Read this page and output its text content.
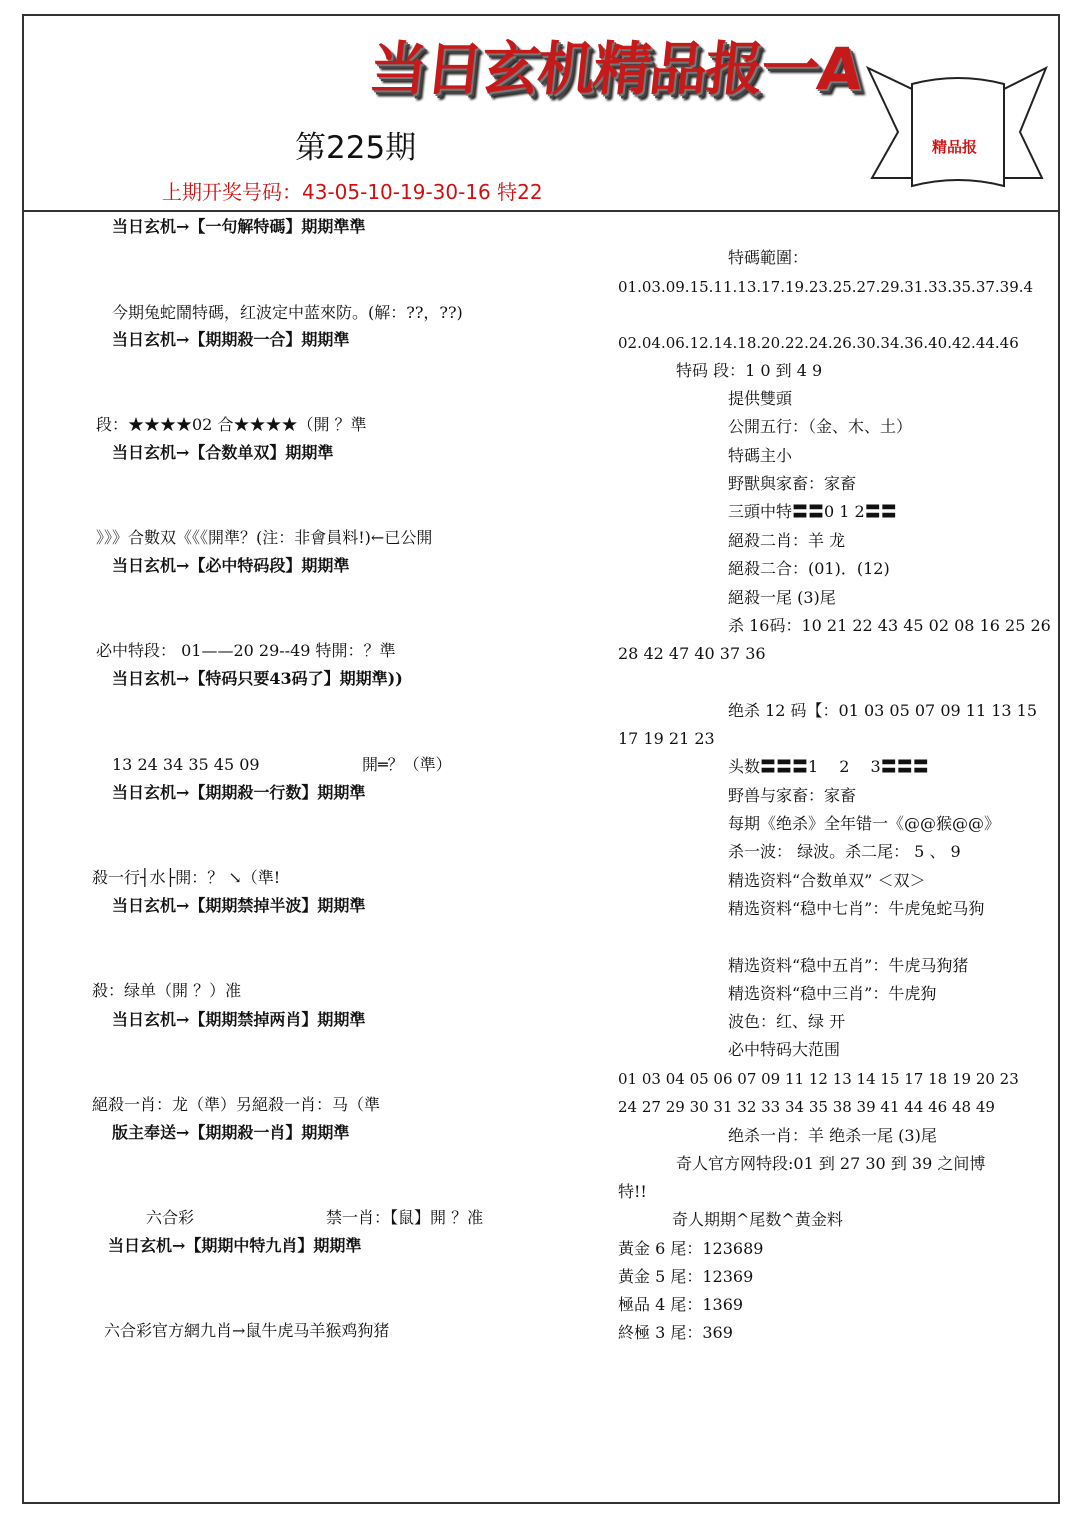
当日玄机精品报一A
第225期
上期开奖号码：43-05-10-19-30-16 特22
精品报
当日玄机→【一句解特碼】期期準準
今期兔蛇鬧特碼，红波定中蓝來防。(解：??，??)
当日玄机→【期期殺一合】期期準
段：★★★★02 合★★★★（開 ？準
当日玄机→【合数单双】期期準
》》》合數双《《《開準？(注：非會員料!)←已公開
当日玄机→【必中特码段】期期準
必中特段： 01——20 29--49 特開：？準
当日玄机→【特码只要43码了】期期準))
13 24 34 35 45 09	開═？（準）
当日玄机→【期期殺一行数】期期準
殺一行┤水├開：？ ↘（準!
当日玄机→【期期禁掉半波】期期準
殺：绿单（開 ？）准
当日玄机→【期期禁掉两肖】期期準
絕殺一肖：龙（準）另絕殺一肖：马（準
版主奉送→【期期殺一肖】期期準
六合彩	禁一肖：【鼠】開 ？准
当日玄机→【期期中特九肖】期期準
六合彩官方網九肖→鼠牛虎马羊猴鸡狗猪
特碼範圍：
01.03.09.15.11.13.17.19.23.25.27.29.31.33.35.37.39.4
02.04.06.12.14.18.20.22.24.26.30.34.36.40.42.44.46
特码 段：1 0 到 4 9
提供雙頭
公開五行：（金、木、土）
特碼主小
野獸與家畜：家畜
三頭中特〓〓0 1 2〓〓
絕殺二肖：羊 龙
絕殺二合：(01)．(12)
絕殺一尾 (3)尾
杀 16码：10 21 22 43 45 02 08 16 25 26
28 42 47 40 37 36
绝杀 12 码【：01 03 05 07 09 11 13 15
17 19 21 23
头数〓〓〓1 　2 　3〓〓〓
野兽与家畜：家畜
每期《绝杀》全年错一《@@猴@@》
杀一波： 绿波。杀二尾： 5 、 9
精选资料“合数单双” ＜双＞
精选资料“稳中七肖”：牛虎兔蛇马狗
精选资料“稳中五肖”：牛虎马狗猪
精选资料“稳中三肖”：牛虎狗
波色：红、绿 开
必中特码大范围
01 03 04 05 06 07 09 11 12 13 14 15 17 18 19 20 23
24 27 29 30 31 32 33 34 35 38 39 41 44 46 48 49
绝杀一肖：羊 绝杀一尾 (3)尾
奇人官方网特段:01 到 27 30 到 39 之间博
特!!
奇人期期^尾数^黄金料
黃金 6 尾：123689
黃金 5 尾：12369
極品 4 尾：1369
終極 3 尾：369
